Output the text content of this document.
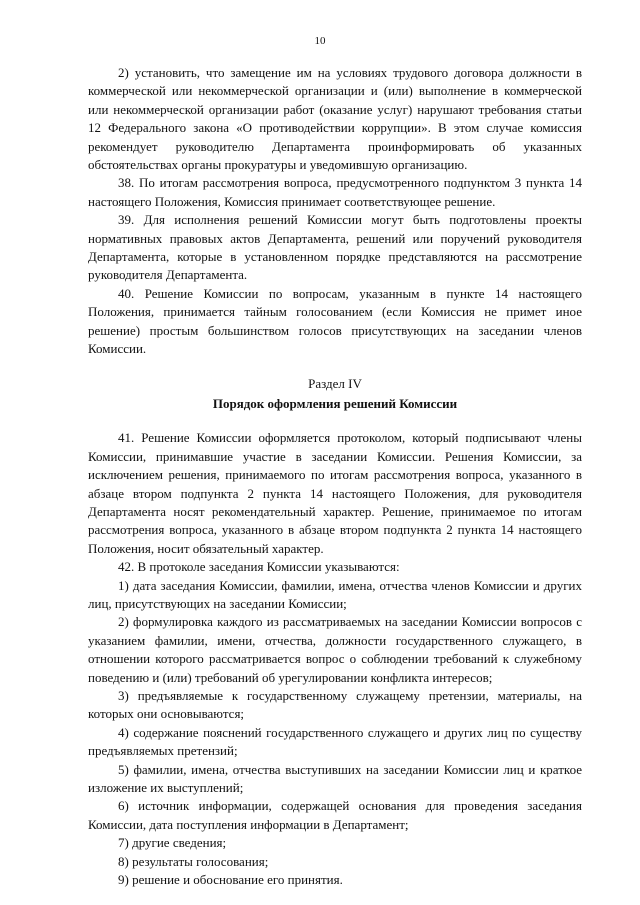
10

2) установить, что замещение им на условиях трудового договора должности в коммерческой или некоммерческой организации и (или) выполнение в коммерческой или некоммерческой организации работ (оказание услуг) нарушают требования статьи 12 Федерального закона «О противодействии коррупции». В этом случае комиссия рекомендует руководителю Департамента проинформировать об указанных обстоятельствах органы прокуратуры и уведомившую организацию.

38. По итогам рассмотрения вопроса, предусмотренного подпунктом 3 пункта 14 настоящего Положения, Комиссия принимает соответствующее решение.

39. Для исполнения решений Комиссии могут быть подготовлены проекты нормативных правовых актов Департамента, решений или поручений руководителя Департамента, которые в установленном порядке представляются на рассмотрение руководителя Департамента.

40. Решение Комиссии по вопросам, указанным в пункте 14 настоящего Положения, принимается тайным голосованием (если Комиссия не примет иное решение) простым большинством голосов присутствующих на заседании членов Комиссии.

Раздел IV
Порядок оформления решений Комиссии

41. Решение Комиссии оформляется протоколом, который подписывают члены Комиссии, принимавшие участие в заседании Комиссии. Решения Комиссии, за исключением решения, принимаемого по итогам рассмотрения вопроса, указанного в абзаце втором подпункта 2 пункта 14 настоящего Положения, для руководителя Департамента носят рекомендательный характер. Решение, принимаемое по итогам рассмотрения вопроса, указанного в абзаце втором подпункта 2 пункта 14 настоящего Положения, носит обязательный характер.

42. В протоколе заседания Комиссии указываются:

1) дата заседания Комиссии, фамилии, имена, отчества членов Комиссии и других лиц, присутствующих на заседании Комиссии;

2) формулировка каждого из рассматриваемых на заседании Комиссии вопросов с указанием фамилии, имени, отчества, должности государственного служащего, в отношении которого рассматривается вопрос о соблюдении требований к служебному поведению и (или) требований об урегулировании конфликта интересов;

3) предъявляемые к государственному служащему претензии, материалы, на которых они основываются;

4) содержание пояснений государственного служащего и других лиц по существу предъявляемых претензий;

5) фамилии, имена, отчества выступивших на заседании Комиссии лиц и краткое изложение их выступлений;

6) источник информации, содержащей основания для проведения заседания Комиссии, дата поступления информации в Департамент;

7) другие сведения;

8) результаты голосования;

9) решение и обоснование его принятия.
